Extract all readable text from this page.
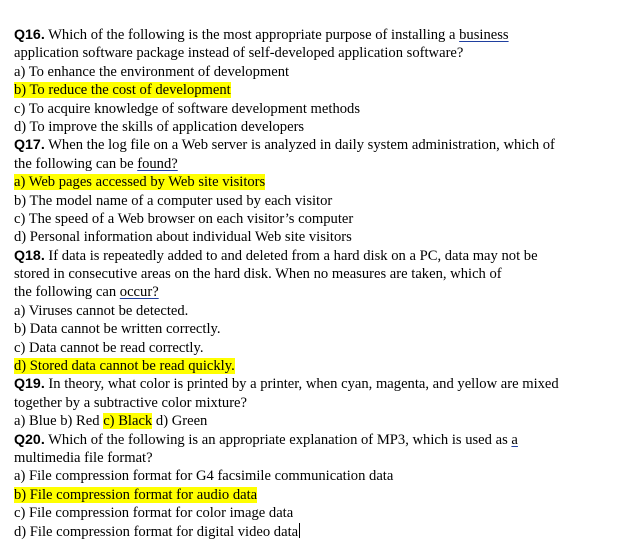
Q16. Which of the following is the most appropriate purpose of installing a business
application software package instead of self-developed application software?
a) To enhance the environment of development
b) To reduce the cost of development
c) To acquire knowledge of software development methods
d) To improve the skills of application developers
Q17. When the log file on a Web server is analyzed in daily system administration, which of
the following can be found?
a) Web pages accessed by Web site visitors
b) The model name of a computer used by each visitor
c) The speed of a Web browser on each visitor’s computer
d) Personal information about individual Web site visitors
Q18. If data is repeatedly added to and deleted from a hard disk on a PC, data may not be
stored in consecutive areas on the hard disk. When no measures are taken, which of
the following can occur?
a) Viruses cannot be detected.
b) Data cannot be written correctly.
c) Data cannot be read correctly.
d) Stored data cannot be read quickly.
Q19. In theory, what color is printed by a printer, when cyan, magenta, and yellow are mixed
together by a subtractive color mixture?
a) Blue b) Red c) Black d) Green
Q20. Which of the following is an appropriate explanation of MP3, which is used as a
multimedia file format?
a) File compression format for G4 facsimile communication data
b) File compression format for audio data
c) File compression format for color image data
d) File compression format for digital video data
